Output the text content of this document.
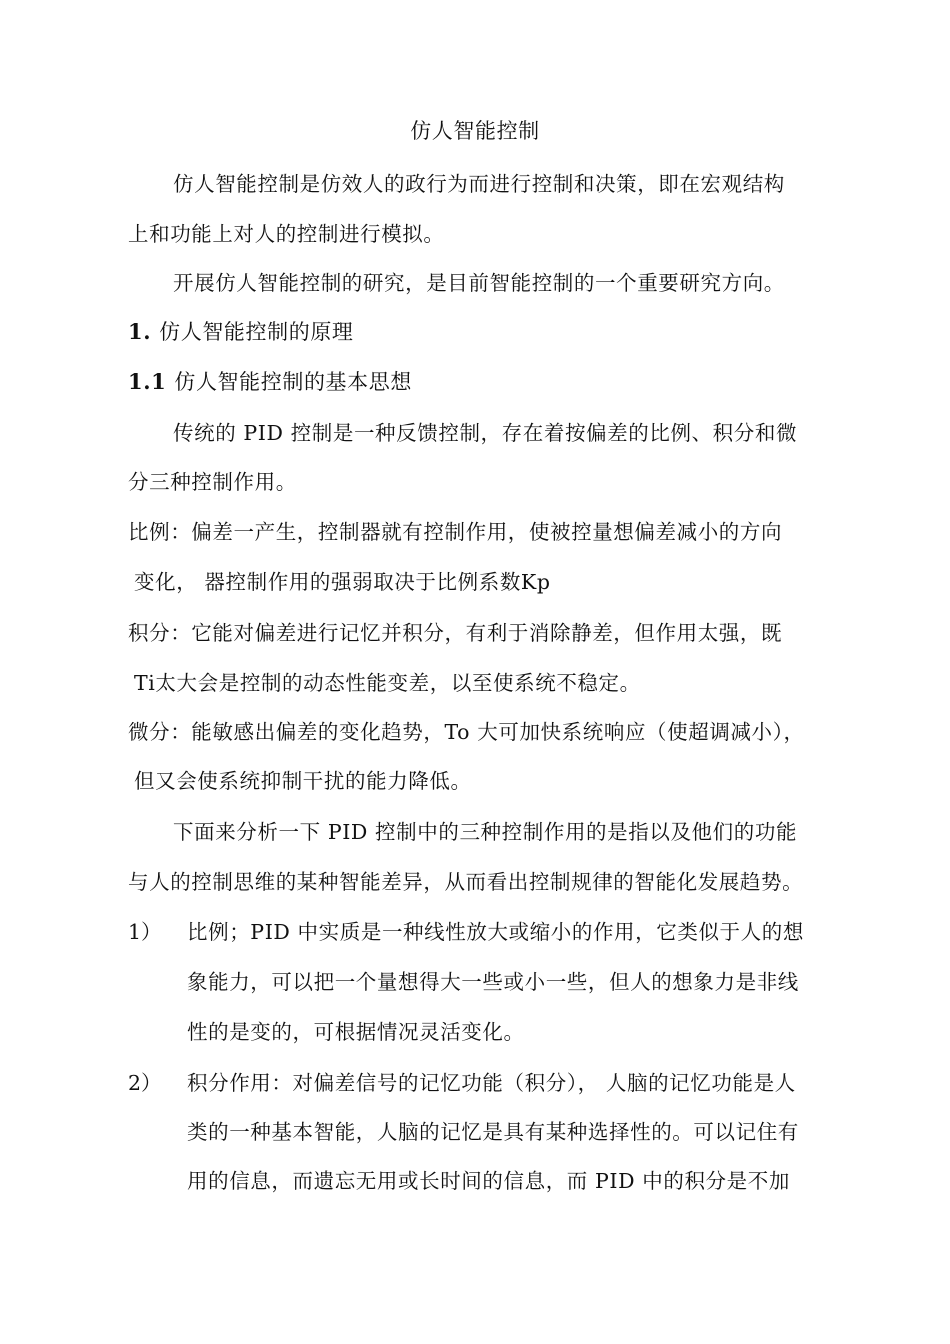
仿人智能控制
仿人智能控制是仿效人的政行为而进行控制和决策，即在宏观结构
上和功能上对人的控制进行模拟。
开展仿人智能控制的研究，是目前智能控制的一个重要研究方向。
1. 仿人智能控制的原理
1.1 仿人智能控制的基本思想
传统的 PID 控制是一种反馈控制，存在着按偏差的比例、积分和微
分三种控制作用。
比例：偏差一产生，控制器就有控制作用，使被控量想偏差减小的方向
变化， 器控制作用的强弱取决于比例系数Kp
积分：它能对偏差进行记忆并积分，有利于消除静差，但作用太强，既
Ti太大会是控制的动态性能变差，以至使系统不稳定。
微分：能敏感出偏差的变化趋势，To 大可加快系统响应（使超调减小），
但又会使系统抑制干扰的能力降低。
下面来分析一下 PID 控制中的三种控制作用的是指以及他们的功能
与人的控制思维的某种智能差异，从而看出控制规律的智能化发展趋势。
1） 比例；PID 中实质是一种线性放大或缩小的作用，它类似于人的想
象能力，可以把一个量想得大一些或小一些，但人的想象力是非线
性的是变的，可根据情况灵活变化。
2） 积分作用：对偏差信号的记忆功能（积分）， 人脑的记忆功能是人
类的一种基本智能，人脑的记忆是具有某种选择性的。可以记住有
用的信息，而遗忘无用或长时间的信息，而 PID 中的积分是不加
